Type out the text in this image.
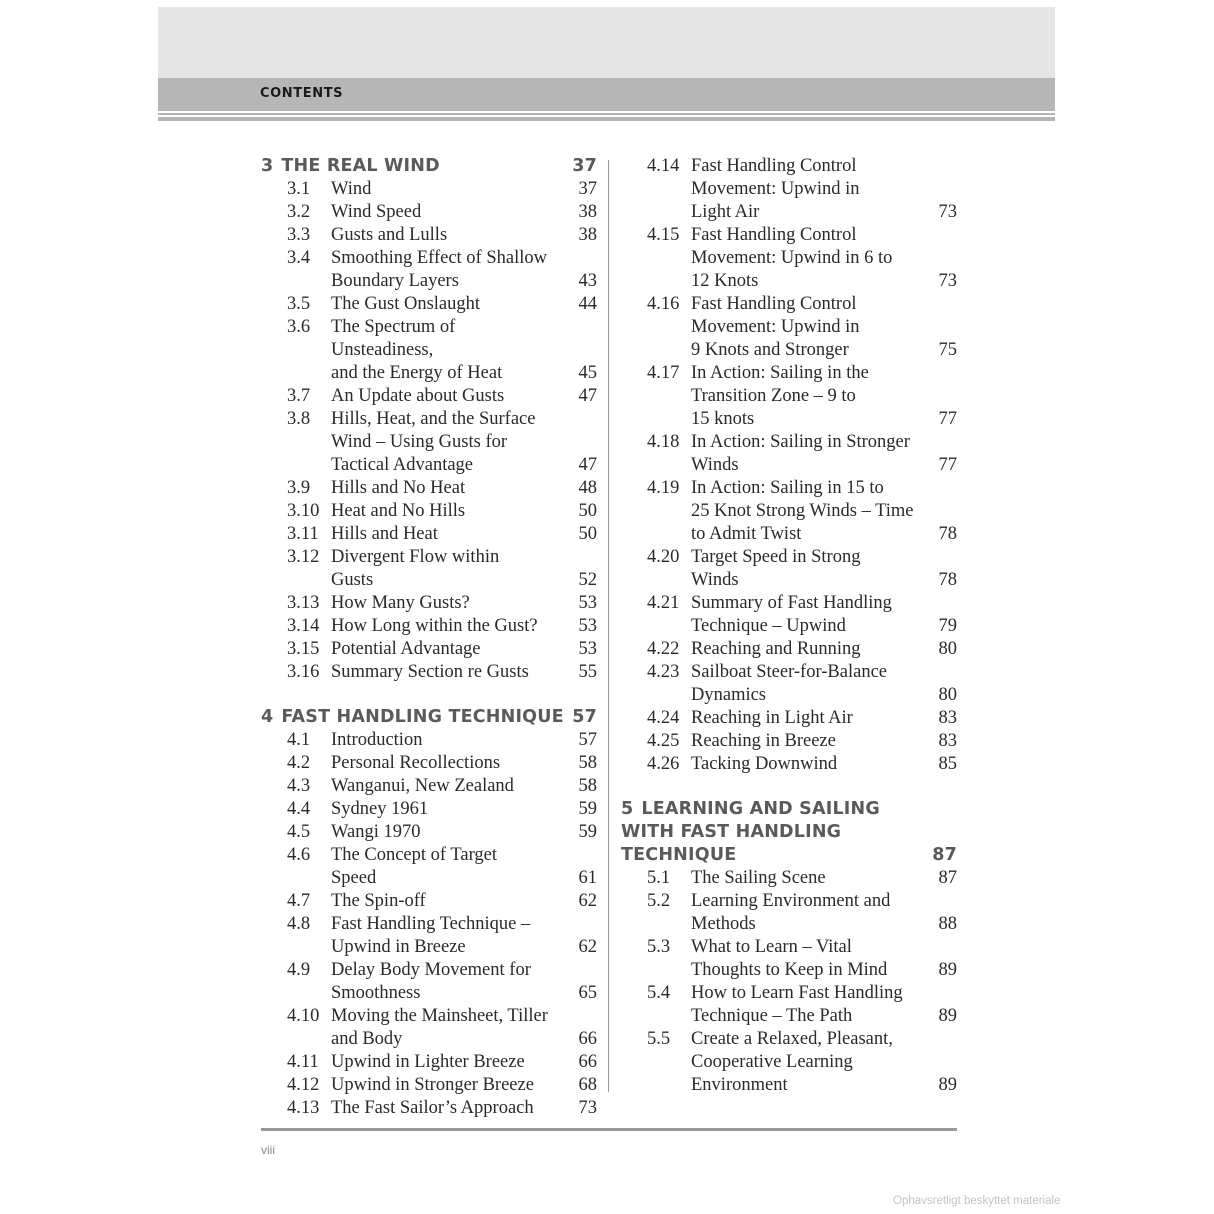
CONTENTS
3 THE REAL WIND	37
3.1	Wind	37
3.2	Wind Speed	38
3.3	Gusts and Lulls	38
3.4	Smoothing Effect of Shallow
Boundary Layers	43
3.5	The Gust Onslaught	44
3.6	The Spectrum of Unsteadiness,
and the Energy of Heat	45
3.7	An Update about Gusts	47
3.8	Hills, Heat, and the Surface
Wind – Using Gusts for
Tactical Advantage	47
3.9	Hills and No Heat	48
3.10 Heat and No Hills	50
3.11 Hills and Heat	50
3.12 Divergent Flow within
Gusts	52
3.13 How Many Gusts?	53
3.14 How Long within the Gust?	53
3.15 Potential Advantage	53
3.16 Summary Section re Gusts	55
4 FAST HANDLING TECHNIQUE 57
4.1	Introduction	57
4.2	Personal Recollections	58
4.3	Wanganui, New Zealand	58
4.4	Sydney 1961	59
4.5	Wangi 1970	59
4.6	The Concept of Target
Speed	61
4.7	The Spin-off	62
4.8	Fast Handling Technique –
Upwind in Breeze	62
4.9	Delay Body Movement for
Smoothness	65
4.10 Moving the Mainsheet, Tiller
and Body	66
4.11 Upwind in Lighter Breeze	66
4.12 Upwind in Stronger Breeze	68
4.13 The Fast Sailor’s Approach	73
4.14 Fast Handling Control
Movement: Upwind in
Light Air	73
4.15 Fast Handling Control
Movement: Upwind in 6 to
12 Knots	73
4.16 Fast Handling Control
Movement: Upwind in
9 Knots and Stronger	75
4.17 In Action: Sailing in the
Transition Zone – 9 to
15 knots	77
4.18 In Action: Sailing in Stronger
Winds	77
4.19 In Action: Sailing in 15 to
25 Knot Strong Winds – Time
to Admit Twist	78
4.20 Target Speed in Strong
Winds	78
4.21 Summary of Fast Handling
Technique – Upwind	79
4.22 Reaching and Running	80
4.23 Sailboat Steer-for-Balance
Dynamics	80
4.24 Reaching in Light Air	83
4.25 Reaching in Breeze	83
4.26 Tacking Downwind	85
5 LEARNING AND SAILING
WITH FAST HANDLING
TECHNIQUE	87
5.1	The Sailing Scene	87
5.2	Learning Environment and
Methods	88
5.3	What to Learn – Vital
Thoughts to Keep in Mind	89
5.4	How to Learn Fast Handling
Technique – The Path	89
5.5	Create a Relaxed, Pleasant,
Cooperative Learning
Environment	89
viii
Ophavsretligt beskyttet materiale
